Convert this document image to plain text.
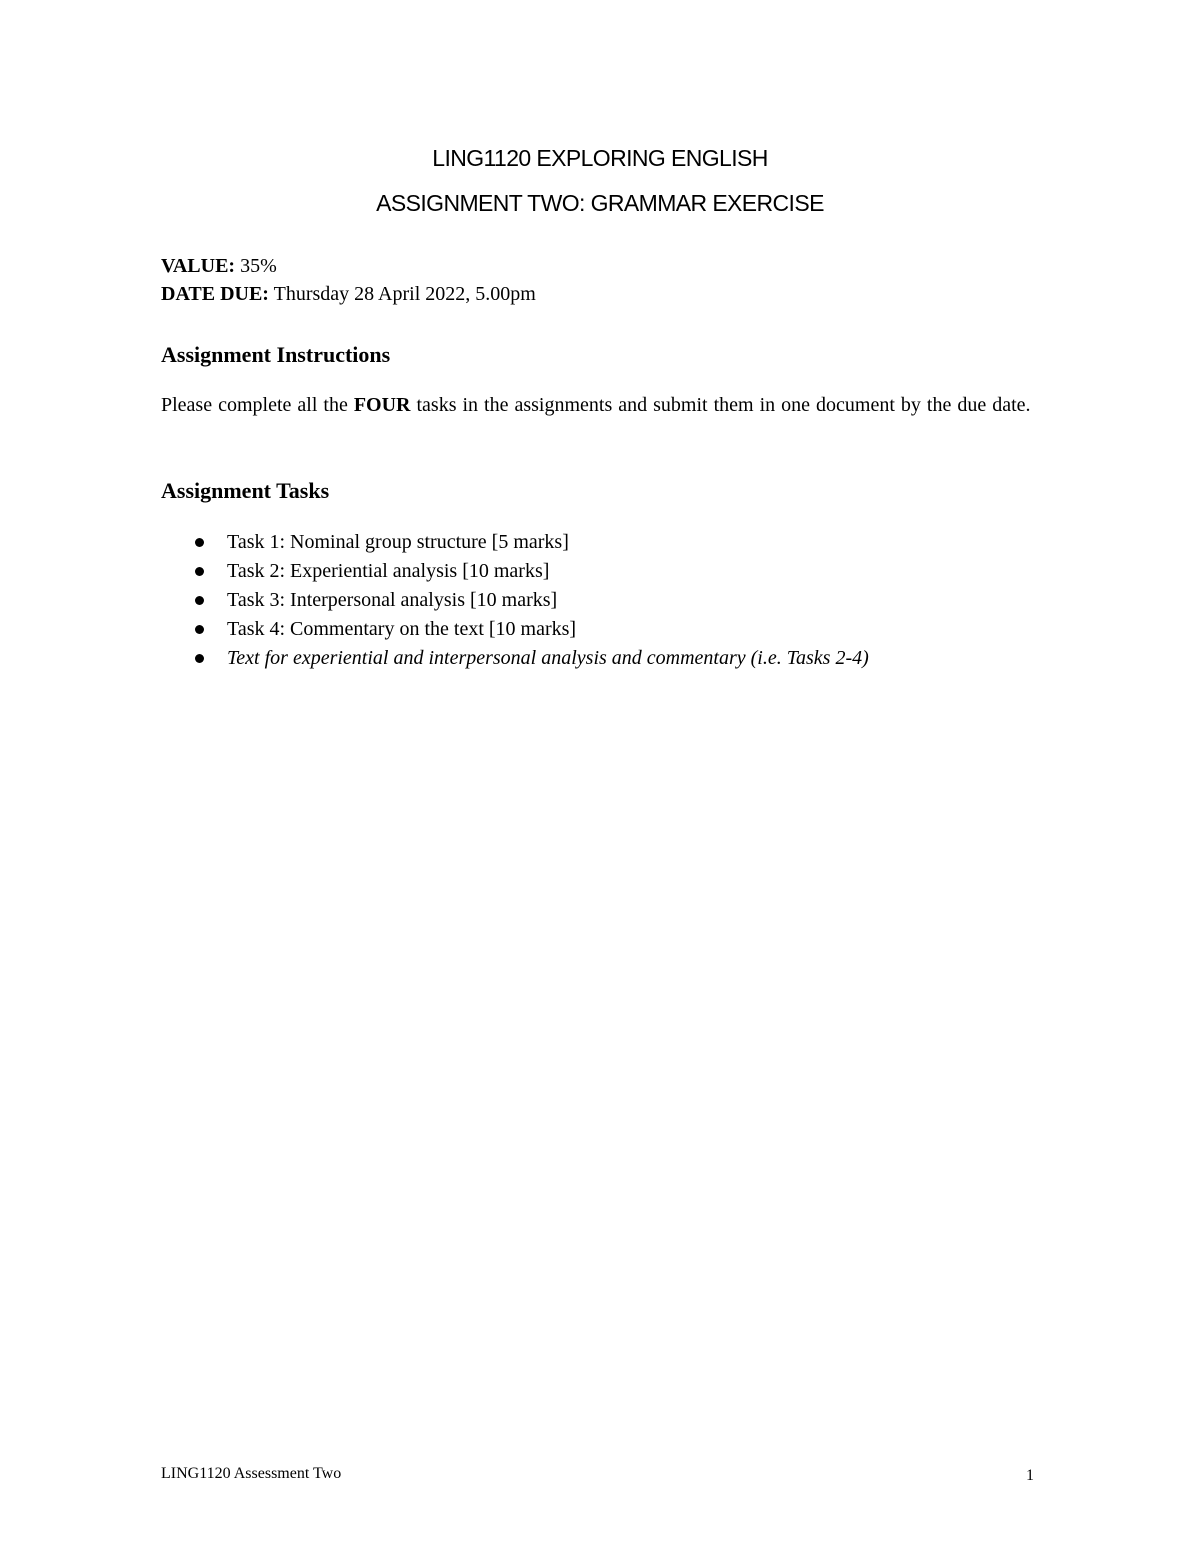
LING1120 EXPLORING ENGLISH
ASSIGNMENT TWO: GRAMMAR EXERCISE
VALUE: 35%
DATE DUE: Thursday 28 April 2022, 5.00pm
Assignment Instructions
Please complete all the FOUR tasks in the assignments and submit them in one document by the due date.
Assignment Tasks
Task 1: Nominal group structure [5 marks]
Task 2: Experiential analysis [10 marks]
Task 3: Interpersonal analysis [10 marks]
Task 4: Commentary on the text [10 marks]
Text for experiential and interpersonal analysis and commentary (i.e. Tasks 2-4)
LING1120 Assessment Two	1
